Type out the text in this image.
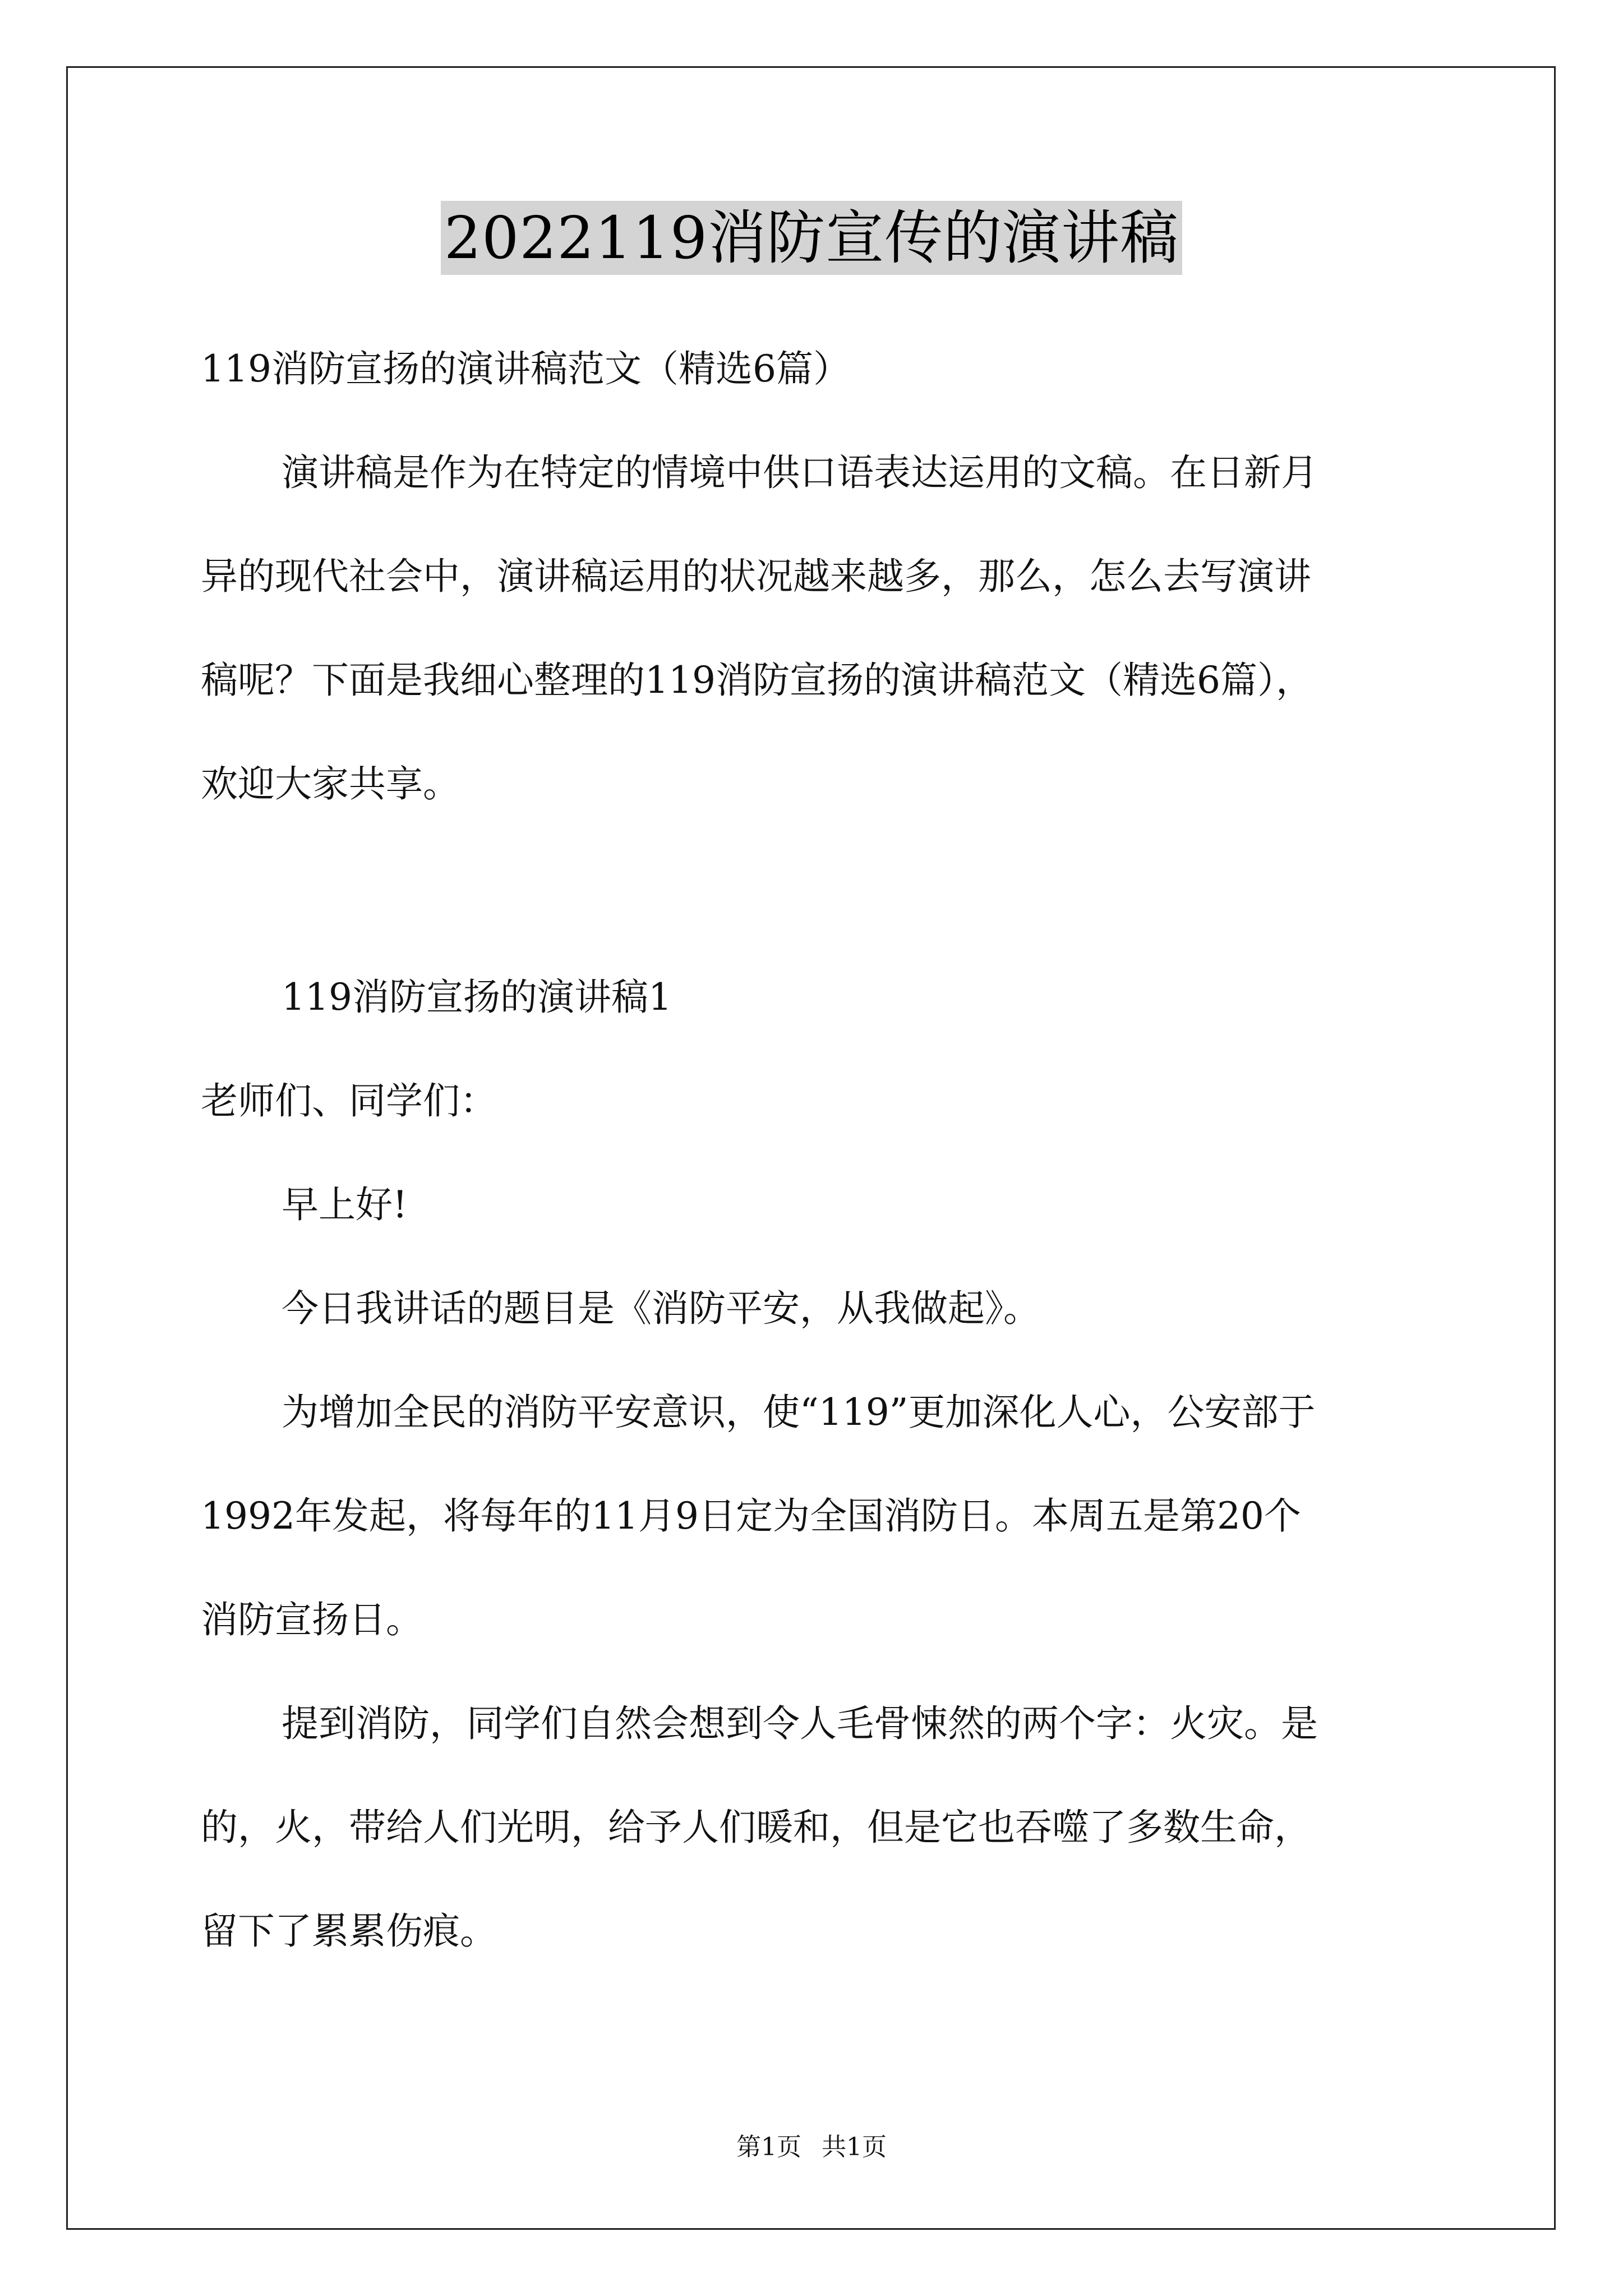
2022119消防宣传的演讲稿
119消防宣扬的演讲稿范文（精选6篇）
演讲稿是作为在特定的情境中供口语表达运用的文稿。在日新月
异的现代社会中，演讲稿运用的状况越来越多，那么，怎么去写演讲
稿呢？下面是我细心整理的119消防宣扬的演讲稿范文（精选6篇），
欢迎大家共享。
119消防宣扬的演讲稿1
老师们、同学们：
早上好!
今日我讲话的题目是《消防平安，从我做起》。
为增加全民的消防平安意识，使“119”更加深化人心，公安部于
1992年发起，将每年的11月9日定为全国消防日。本周五是第20个
消防宣扬日。
提到消防，同学们自然会想到令人毛骨悚然的两个字：火灾。是
的，火，带给人们光明，给予人们暖和，但是它也吞噬了多数生命，
留下了累累伤痕。
第1页 共1页
